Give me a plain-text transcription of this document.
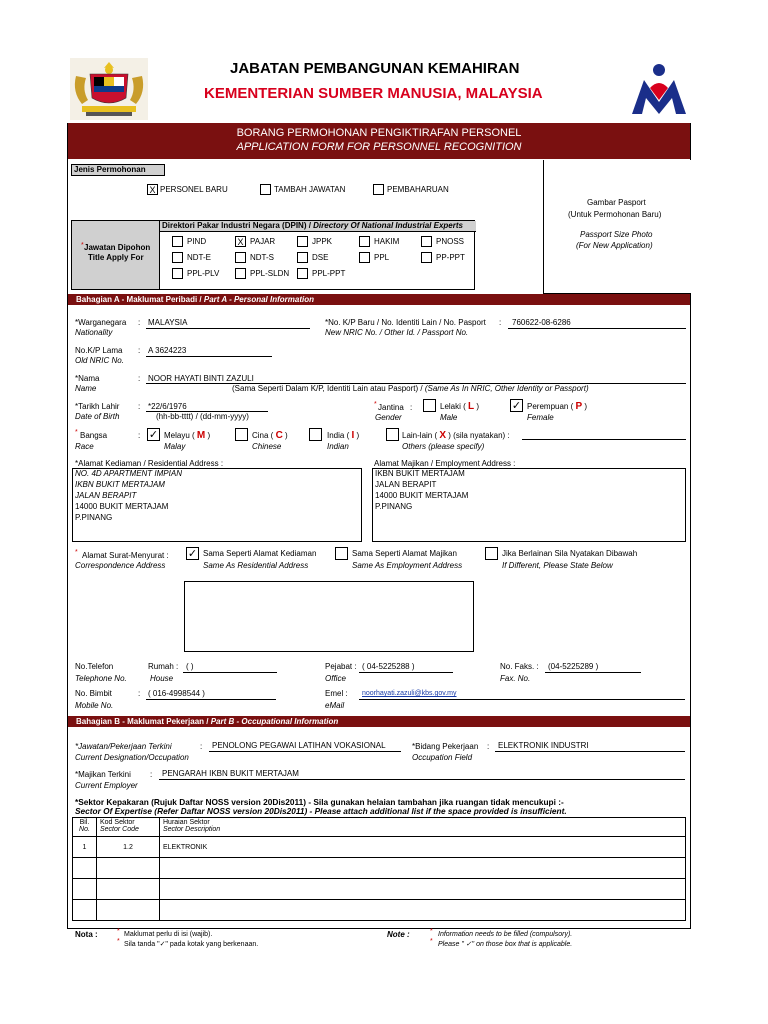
JABATAN PEMBANGUNAN KEMAHIRAN
KEMENTERIAN SUMBER MANUSIA, MALAYSIA
BORANG PERMOHONAN PENGIKTIRAFAN PERSONEL
APPLICATION FORM FOR PERSONNEL RECOGNITION
Jenis Permohonan
X PERSONEL BARU	TAMBAH JAWATAN	PEMBAHARUAN
Gambar Pasport
(Untuk Permohonan Baru)
Passport Size Photo
(For New Application)
Direktori Pakar Industri Negara (DPIN) / Directory Of National Industrial Experts
* Jawatan Dipohon
Title Apply For
PIND	X PAJAR	JPPK	HAKIM	PNOSS
NDT-E	NDT-S	DSE	PPL	PP-PPT
PPL-PLV	PPL-SLDN	PPL-PPT
Bahagian A - Maklumat Peribadi / Part A - Personal Information
*Warganegara
Nationality
: MALAYSIA	*No. K/P Baru / No. Identiti Lain / No. Pasport
New NRIC No. / Other Id. / Passport No.
: 760622-08-6286
No.K/P Lama
Old NRIC No.
: A 3624223
*Nama
Name
: NOOR HAYATI BINTI ZAZULI
(Sama Seperti Dalam K/P, Identiti Lain atau Pasport) / (Same As In NRIC, Other Identity or Passport)
*Tarikh Lahir
Date of Birth
: *22/6/1976
(hh-bb-tttt) / (dd-mm-yyyy)
* Jantina
Gender
:	Lelaki ( L )
Male
✓ Perempuan ( P )
Female
* Bangsa
Race
: ✓ Melayu ( M )
Malay
Cina ( C )
Chinese
India ( I )
Indian
Lain-lain ( X ) (sila nyatakan) :
Others (please specify)
*Alamat Kediaman / Residential Address :
NO. 4D APARTMENT IMPIAN
IKBN BUKIT MERTAJAM
JALAN BERAPIT
14000 BUKIT MERTAJAM
P.PINANG
Alamat Majikan / Employment Address :
IKBN BUKIT MERTAJAM
JALAN BERAPIT
14000 BUKIT MERTAJAM
P.PINANG
* Alamat Surat-Menyurat :
Correspondence Address
✓ Sama Seperti Alamat Kediaman
Same As Residential Address
Sama Seperti Alamat Majikan
Same As Employment Address
Jika Berlainan Sila Nyatakan Dibawah
If Different, Please State Below
No.Telefon
Telephone No.
Rumah :
House
( )	Pejabat :
Office
( 04-5225288 )	No. Faks. :
Fax. No.
(04-5225289 )
No. Bimbit
Mobile No.
: ( 016-4998544 )	Emel :
eMail
noorhayati.zazuli@kbs.gov.my
Bahagian B - Maklumat Pekerjaan / Part B - Occupational Information
*Jawatan/Pekerjaan Terkini
Current Designation/Occupation
: PENOLONG PEGAWAI LATIHAN VOKASIONAL	*Bidang Pekerjaan
Occupation Field
: ELEKTRONIK INDUSTRI
*Majikan Terkini
Current Employer
: PENGARAH IKBN BUKIT MERTAJAM
*Sektor Kepakaran (Rujuk Daftar NOSS version 20Dis2011) - Sila gunakan helaian tambahan jika ruangan tidak mencukupi :-
Sector Of Expertise (Refer Daftar NOSS version 20Dis2011) - Please attach additional list if the space provided is insufficient.
Bil.
No.	Kod Sektor
Sector Code	Huraian Sektor
Sector Description
1	1.2	ELEKTRONIK

Nota :	* Maklumat perlu di isi (wajib).
* Sila tanda "✓" pada kotak yang berkenaan.
Note :	* Information needs to be filled (compulsory).
* Please " ✓" on those box that is applicable.
